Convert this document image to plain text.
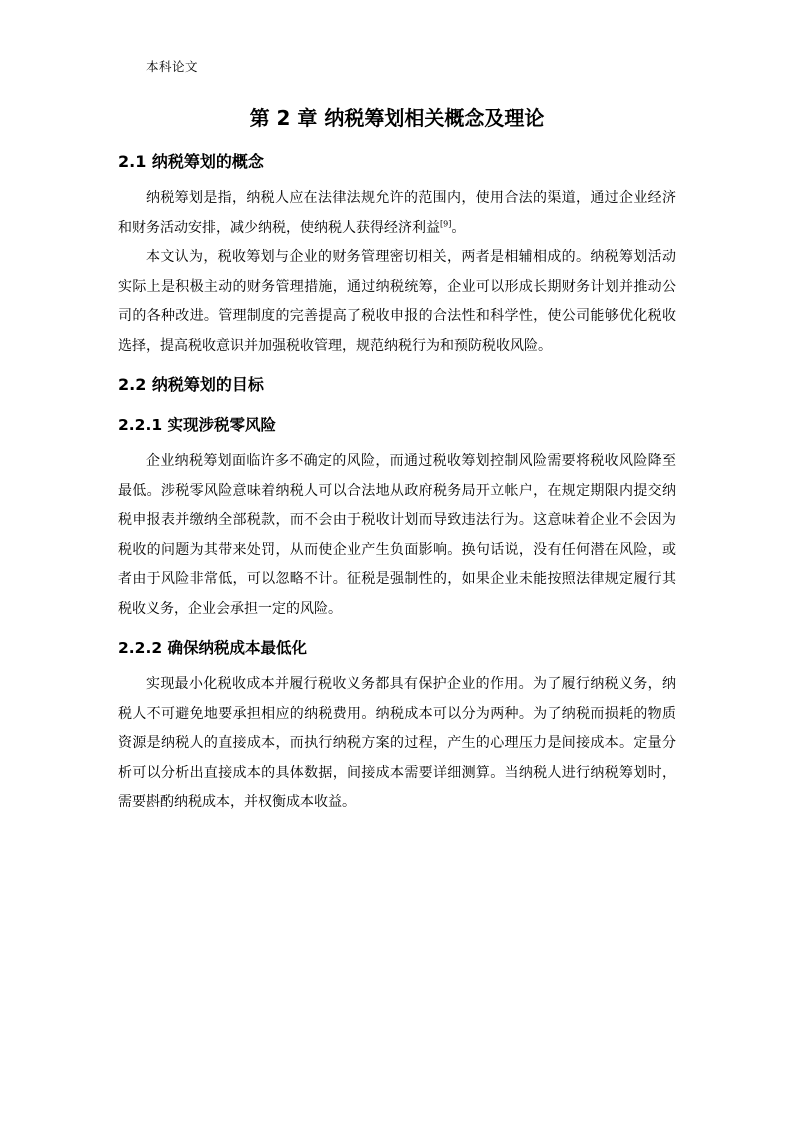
本科论文
第 2 章 纳税筹划相关概念及理论
2.1 纳税筹划的概念

纳税筹划是指，纳税人应在法律法规允许的范围内，使用合法的渠道，通过企业经济和财务活动安排，减少纳税，使纳税人获得经济利益[9]。

本文认为，税收筹划与企业的财务管理密切相关，两者是相辅相成的。纳税筹划活动实际上是积极主动的财务管理措施，通过纳税统筹，企业可以形成长期财务计划并推动公司的各种改进。管理制度的完善提高了税收申报的合法性和科学性，使公司能够优化税收选择，提高税收意识并加强税收管理，规范纳税行为和预防税收风险。

2.2 纳税筹划的目标
2.2.1 实现涉税零风险

企业纳税筹划面临许多不确定的风险，而通过税收筹划控制风险需要将税收风险降至最低。涉税零风险意味着纳税人可以合法地从政府税务局开立帐户，在规定期限内提交纳税申报表并缴纳全部税款，而不会由于税收计划而导致违法行为。这意味着企业不会因为税收的问题为其带来处罚，从而使企业产生负面影响。换句话说，没有任何潜在风险，或者由于风险非常低，可以忽略不计。征税是强制性的，如果企业未能按照法律规定履行其税收义务，企业会承担一定的风险。

2.2.2 确保纳税成本最低化

实现最小化税收成本并履行税收义务都具有保护企业的作用。为了履行纳税义务，纳税人不可避免地要承担相应的纳税费用。纳税成本可以分为两种。为了纳税而损耗的物质资源是纳税人的直接成本，而执行纳税方案的过程，产生的心理压力是间接成本。定量分析可以分析出直接成本的具体数据，间接成本需要详细测算。当纳税人进行纳税筹划时，需要斟酌纳税成本，并权衡成本收益。
